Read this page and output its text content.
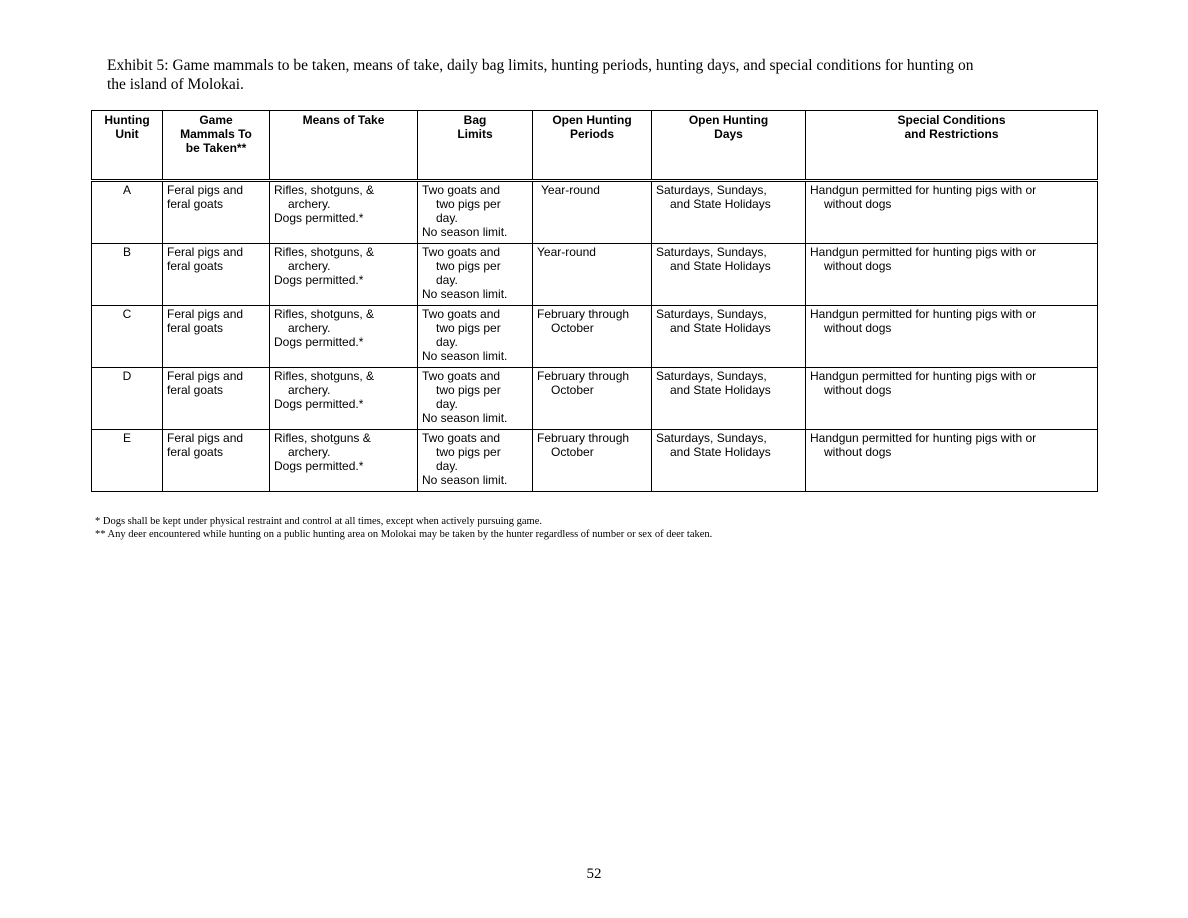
Exhibit 5: Game mammals to be taken, means of take, daily bag limits, hunting periods, hunting days, and special conditions for hunting on
the island of Molokai.
Hunting
Unit	Game
Mammals To
be Taken**	Means of Take	Bag
Limits	Open Hunting
Periods	Open Hunting
Days	Special Conditions
and Restrictions

A	Feral pigs and
feral goats	Rifles, shotguns, &
archery.
Dogs permitted.*	Two goats and
two pigs per
day.
No season limit.	Year-round	Saturdays, Sundays,
and State Holidays	Handgun permitted for hunting pigs with or
without dogs

B	Feral pigs and
feral goats	Rifles, shotguns, &
archery.
Dogs permitted.*	Two goats and
two pigs per
day.
No season limit.	Year-round	Saturdays, Sundays,
and State Holidays	Handgun permitted for hunting pigs with or
without dogs

C	Feral pigs and
feral goats	Rifles, shotguns, &
archery.
Dogs permitted.*	Two goats and
two pigs per
day.
No season limit.	February through
October	Saturdays, Sundays,
and State Holidays	Handgun permitted for hunting pigs with or
without dogs

D	Feral pigs and
feral goats	Rifles, shotguns, &
archery.
Dogs permitted.*	Two goats and
two pigs per
day.
No season limit.	February through
October	Saturdays, Sundays,
and State Holidays	Handgun permitted for hunting pigs with or
without dogs

E	Feral pigs and
feral goats	Rifles, shotguns &
archery.
Dogs permitted.*	Two goats and
two pigs per
day.
No season limit.	February through
October	Saturdays, Sundays,
and State Holidays	Handgun permitted for hunting pigs with or
without dogs
* Dogs shall be kept under physical restraint and control at all times, except when actively pursuing game.
** Any deer encountered while hunting on a public hunting area on Molokai may be taken by the hunter regardless of number or sex of deer taken.
52
